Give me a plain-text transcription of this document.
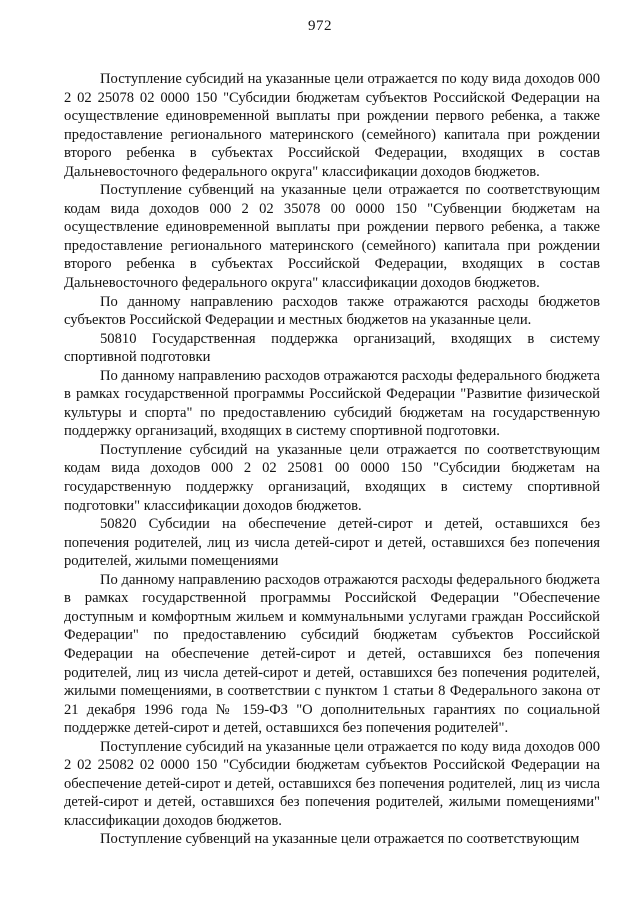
972

Поступление субсидий на указанные цели отражается по коду вида доходов 000 2 02 25078 02 0000 150 "Субсидии бюджетам субъектов Российской Федерации на осуществление единовременной выплаты при рождении первого ребенка, а также предоставление регионального материнского (семейного) капитала при рождении второго ребенка в субъектах Российской Федерации, входящих в состав Дальневосточного федерального округа" классификации доходов бюджетов.

Поступление субвенций на указанные цели отражается по соответствующим кодам вида доходов 000 2 02 35078 00 0000 150 "Субвенции бюджетам на осуществление единовременной выплаты при рождении первого ребенка, а также предоставление регионального материнского (семейного) капитала при рождении второго ребенка в субъектах Российской Федерации, входящих в состав Дальневосточного федерального округа" классификации доходов бюджетов.

По данному направлению расходов также отражаются расходы бюджетов субъектов Российской Федерации и местных бюджетов на указанные цели.

50810 Государственная поддержка организаций, входящих в систему спортивной подготовки

По данному направлению расходов отражаются расходы федерального бюджета в рамках государственной программы Российской Федерации "Развитие физической культуры и спорта" по предоставлению субсидий бюджетам на государственную поддержку организаций, входящих в систему спортивной подготовки.

Поступление субсидий на указанные цели отражается по соответствующим кодам вида доходов 000 2 02 25081 00 0000 150 "Субсидии бюджетам на государственную поддержку организаций, входящих в систему спортивной подготовки" классификации доходов бюджетов.

50820 Субсидии на обеспечение детей-сирот и детей, оставшихся без попечения родителей, лиц из числа детей-сирот и детей, оставшихся без попечения родителей, жилыми помещениями

По данному направлению расходов отражаются расходы федерального бюджета в рамках государственной программы Российской Федерации "Обеспечение доступным и комфортным жильем и коммунальными услугами граждан Российской Федерации" по предоставлению субсидий бюджетам субъектов Российской Федерации на обеспечение детей-сирот и детей, оставшихся без попечения родителей, лиц из числа детей-сирот и детей, оставшихся без попечения родителей, жилыми помещениями, в соответствии с пунктом 1 статьи 8 Федерального закона от 21 декабря 1996 года № 159-ФЗ "О дополнительных гарантиях по социальной поддержке детей-сирот и детей, оставшихся без попечения родителей".

Поступление субсидий на указанные цели отражается по коду вида доходов 000 2 02 25082 02 0000 150 "Субсидии бюджетам субъектов Российской Федерации на обеспечение детей-сирот и детей, оставшихся без попечения родителей, лиц из числа детей-сирот и детей, оставшихся без попечения родителей, жилыми помещениями" классификации доходов бюджетов.

Поступление субвенций на указанные цели отражается по соответствующим
